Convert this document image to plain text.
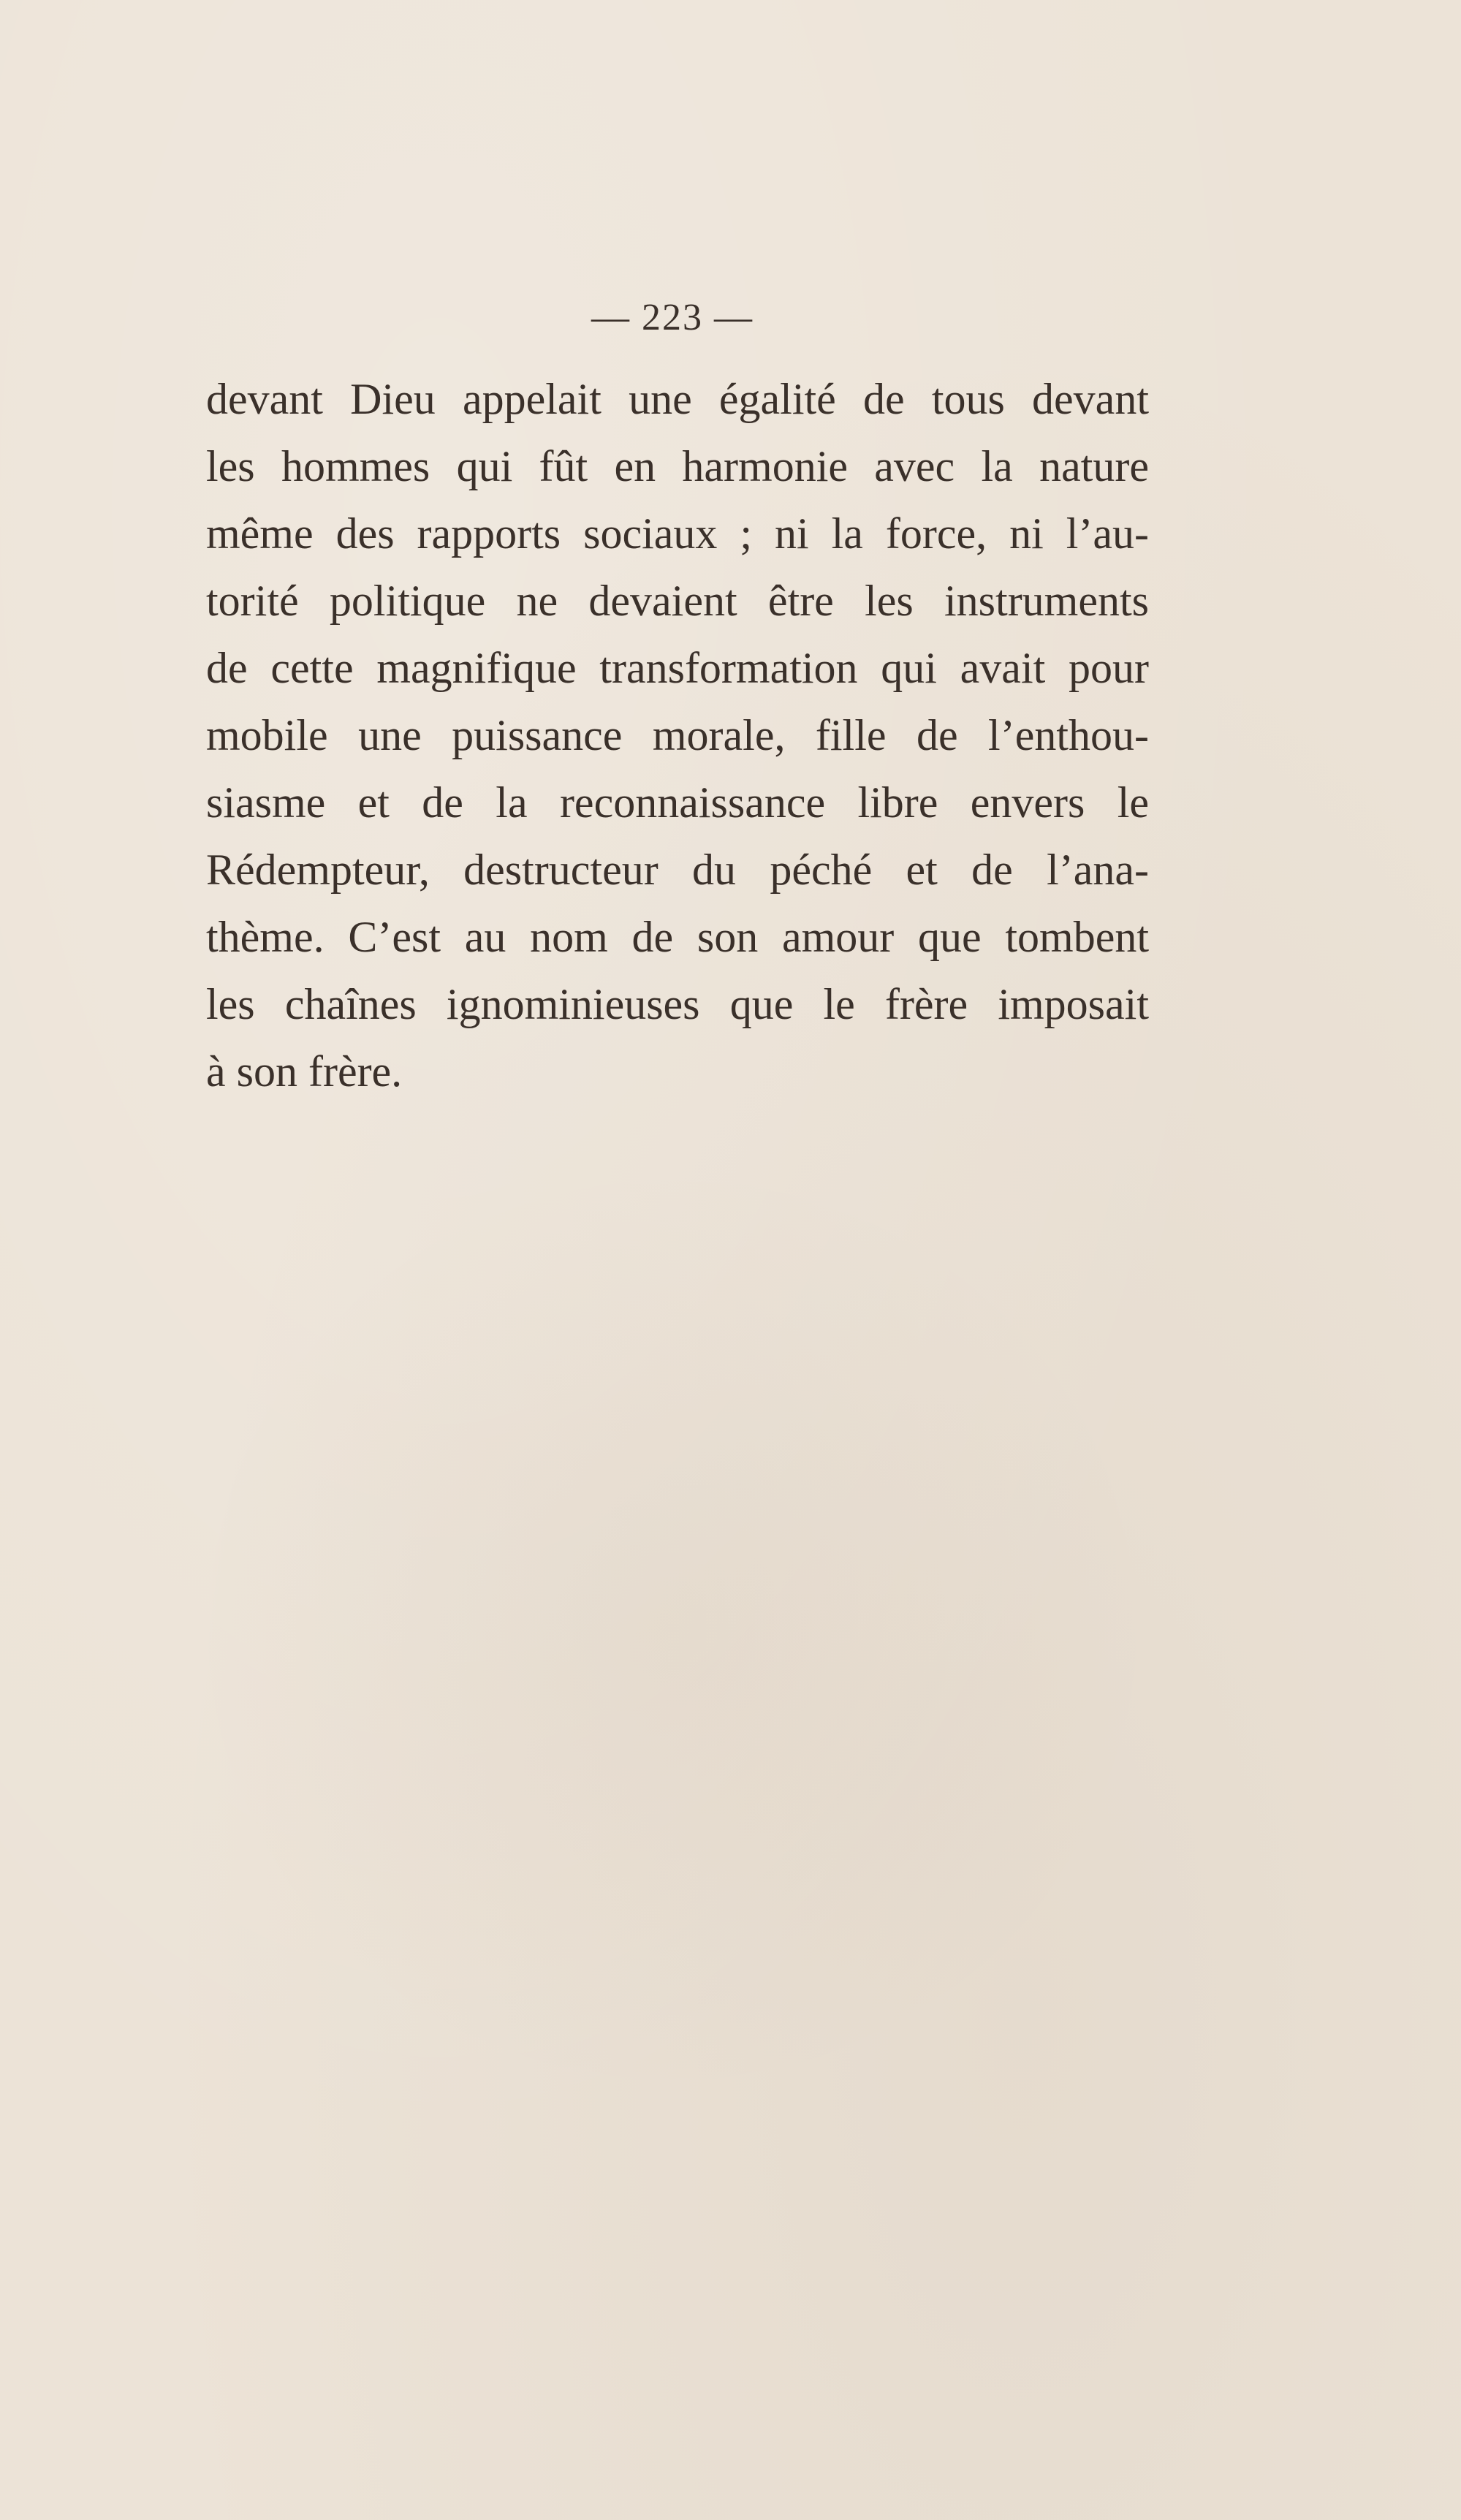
— 223 —
devant Dieu appelait une égalité de tous devant
les hommes qui fût en harmonie avec la nature
même des rapports sociaux ; ni la force, ni l’au-
torité politique ne devaient être les instruments
de cette magnifique transformation qui avait pour
mobile une puissance morale, fille de l’enthou-
siasme et de la reconnaissance libre envers le
Rédempteur, destructeur du péché et de l’ana-
thème. C’est au nom de son amour que tombent
les chaînes ignominieuses que le frère imposait
à son frère.
